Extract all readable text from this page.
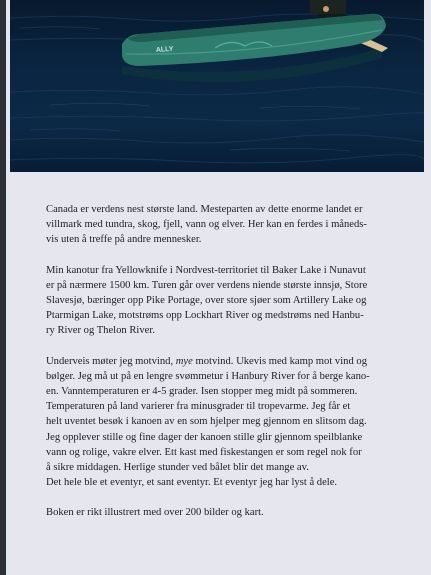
ALLY
Canada er verdens nest største land. Mesteparten av dette enorme landet er
villmark med tundra, skog, fjell, vann og elver. Her kan en ferdes i måneds-
vis uten å treffe på andre mennesker.
Min kanotur fra Yellowknife i Nordvest-territoriet til Baker Lake i Nunavut
er på nærmere 1500 km. Turen går over verdens niende største innsjø, Store
Slavesjø, bæringer opp Pike Portage, over store sjøer som Artillery Lake og
Ptarmigan Lake, motstrøms opp Lockhart River og medstrøms ned Hanbu-
ry River og Thelon River.
Underveis møter jeg motvind, mye motvind. Ukevis med kamp mot vind og
bølger. Jeg må ut på en lengre svømmetur i Hanbury River for å berge kano-
en. Vanntemperaturen er 4-5 grader. Isen stopper meg midt på sommeren.
Temperaturen på land varierer fra minusgrader til tropevarme. Jeg får et
helt uventet besøk i kanoen av en som hjelper meg gjennom en slitsom dag.
Jeg opplever stille og fine dager der kanoen stille glir gjennom speilblanke
vann og rolige, vakre elver. Ett kast med fiskestangen er som regel nok for
å sikre middagen. Herlige stunder ved bålet blir det mange av.
Det hele ble et eventyr, et sant eventyr. Et eventyr jeg har lyst å dele.
Boken er rikt illustrert med over 200 bilder og kart.
